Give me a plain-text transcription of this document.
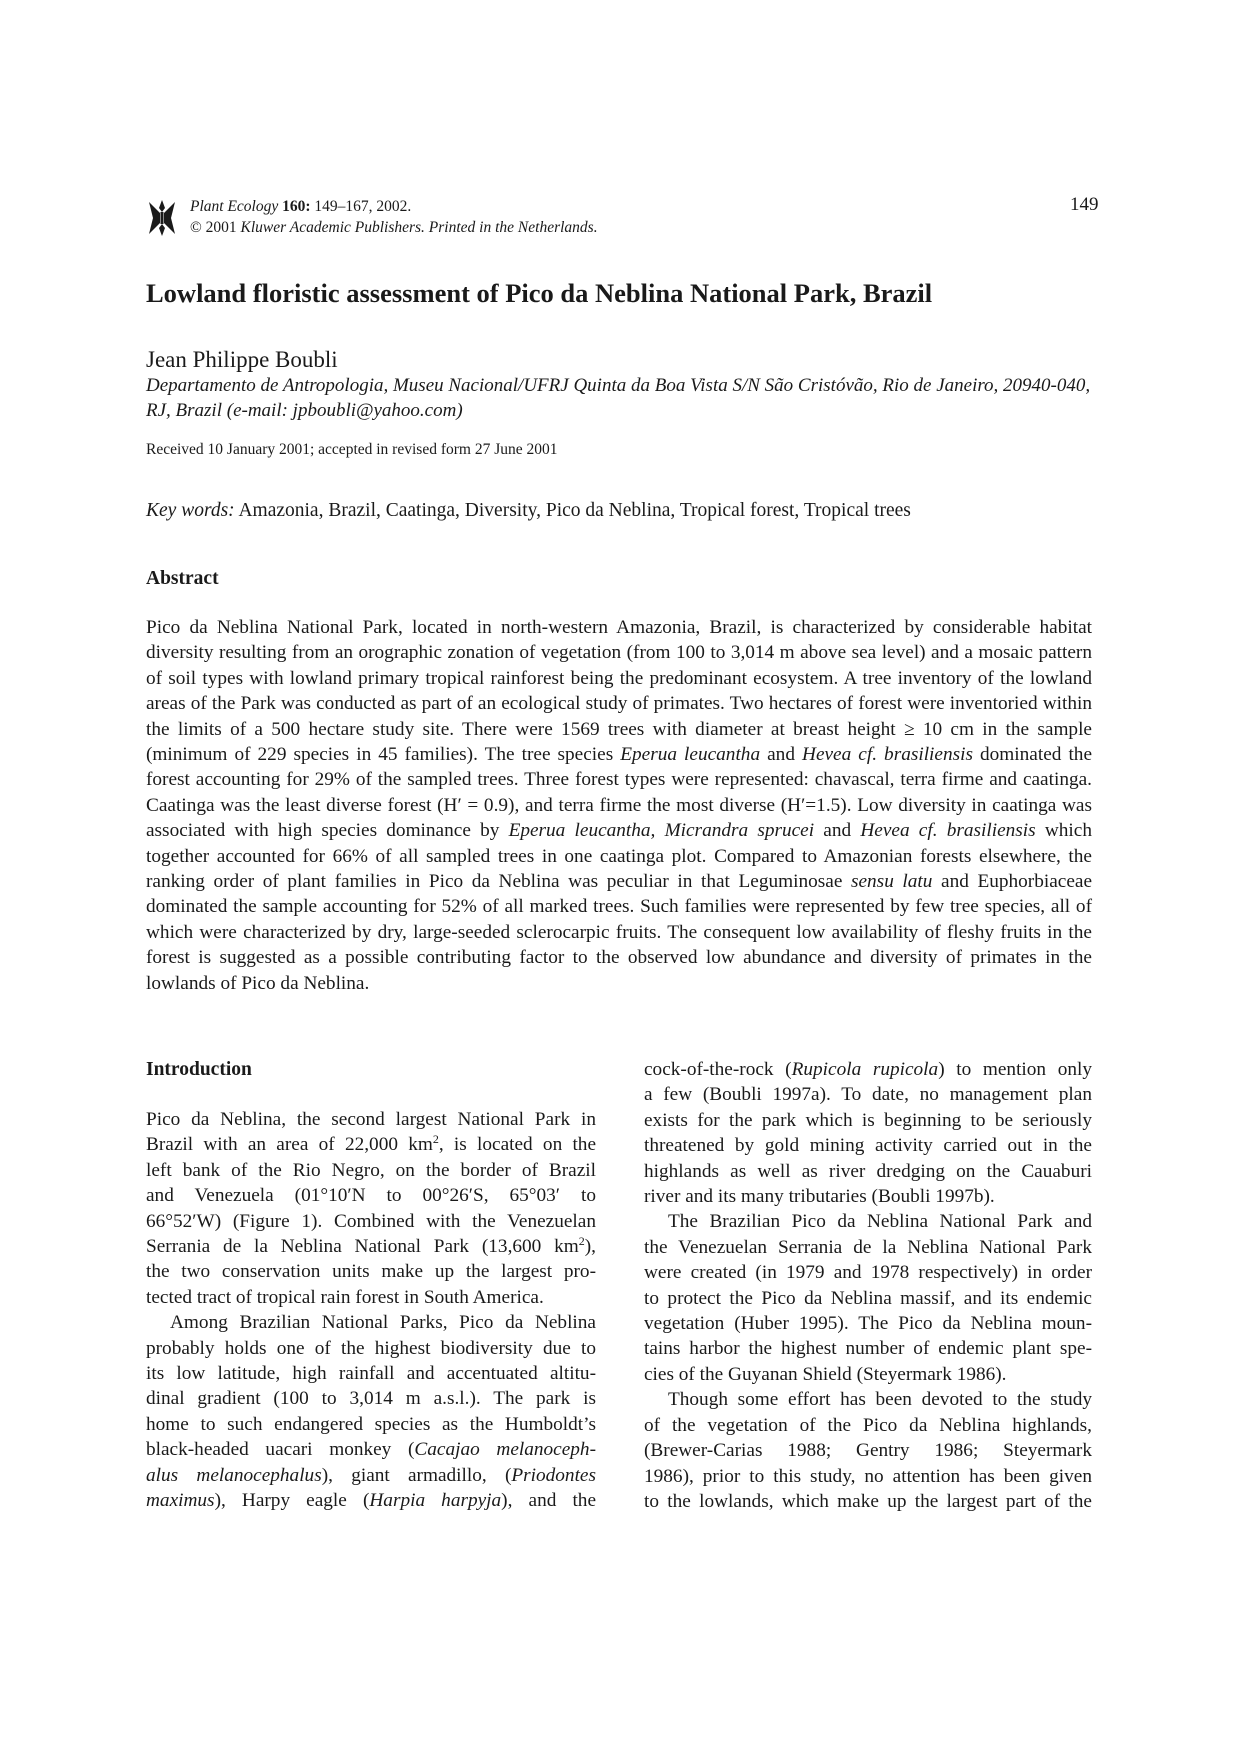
Plant Ecology 160: 149–167, 2002.
© 2001 Kluwer Academic Publishers. Printed in the Netherlands.
149
Lowland floristic assessment of Pico da Neblina National Park, Brazil
Jean Philippe Boubli
Departamento de Antropologia, Museu Nacional/UFRJ Quinta da Boa Vista S/N São Cristóvão, Rio de Janeiro, 20940-040, RJ, Brazil (e-mail: jpboubli@yahoo.com)
Received 10 January 2001; accepted in revised form 27 June 2001
Key words: Amazonia, Brazil, Caatinga, Diversity, Pico da Neblina, Tropical forest, Tropical trees
Abstract
Pico da Neblina National Park, located in north-western Amazonia, Brazil, is characterized by considerable habitat diversity resulting from an orographic zonation of vegetation (from 100 to 3,014 m above sea level) and a mosaic pattern of soil types with lowland primary tropical rainforest being the predominant ecosystem. A tree inventory of the lowland areas of the Park was conducted as part of an ecological study of primates. Two hectares of forest were inventoried within the limits of a 500 hectare study site. There were 1569 trees with diameter at breast height ≥ 10 cm in the sample (minimum of 229 species in 45 families). The tree species Eperua leucantha and Hevea cf. brasiliensis dominated the forest accounting for 29% of the sampled trees. Three forest types were represented: chavascal, terra firme and caatinga. Caatinga was the least diverse forest (H′ = 0.9), and terra firme the most diverse (H′=1.5). Low diversity in caatinga was associated with high species dominance by Eperua leucantha, Micrandra sprucei and Hevea cf. brasiliensis which together accounted for 66% of all sampled trees in one caatinga plot. Compared to Amazonian forests elsewhere, the ranking order of plant families in Pico da Neblina was peculiar in that Leguminosae sensu latu and Euphorbiaceae dominated the sample accounting for 52% of all marked trees. Such families were represented by few tree species, all of which were characterized by dry, large-seeded sclerocarpic fruits. The consequent low availability of fleshy fruits in the forest is suggested as a possible contributing factor to the observed low abundance and diversity of primates in the lowlands of Pico da Neblina.
Introduction

Pico da Neblina, the second largest National Park in
Brazil with an area of 22,000 $km^2$, is located on the
left bank of the Rio Negro, on the border of Brazil
and Venezuela (01°10′N to 00°26′S, 65°03′ to
66°52′W) (Figure 1). Combined with the Venezuelan
Serrania de la Neblina National Park (13,600 $km^2$),
the two conservation units make up the largest pro-
tected tract of tropical rain forest in South America.

Among Brazilian National Parks, Pico da Neblina
probably holds one of the highest biodiversity due to
its low latitude, high rainfall and accentuated altitu-
dinal gradient (100 to 3,014 m a.s.l.). The park is
home to such endangered species as the Humboldt’s
black-headed uacari monkey (Cacajao melanoceph-
alus melanocephalus), giant armadillo, (Priodontes
maximus), Harpy eagle (Harpia harpyja), and the

cock-of-the-rock (Rupicola rupicola) to mention only
a few (Boubli 1997a). To date, no management plan
exists for the park which is beginning to be seriously
threatened by gold mining activity carried out in the
highlands as well as river dredging on the Cauaburi
river and its many tributaries (Boubli 1997b).

The Brazilian Pico da Neblina National Park and
the Venezuelan Serrania de la Neblina National Park
were created (in 1979 and 1978 respectively) in order
to protect the Pico da Neblina massif, and its endemic
vegetation (Huber 1995). The Pico da Neblina moun-
tains harbor the highest number of endemic plant spe-
cies of the Guyanan Shield (Steyermark 1986).

Though some effort has been devoted to the study
of the vegetation of the Pico da Neblina highlands,
(Brewer-Carias 1988; Gentry 1986; Steyermark
1986), prior to this study, no attention has been given
to the lowlands, which make up the largest part of the
